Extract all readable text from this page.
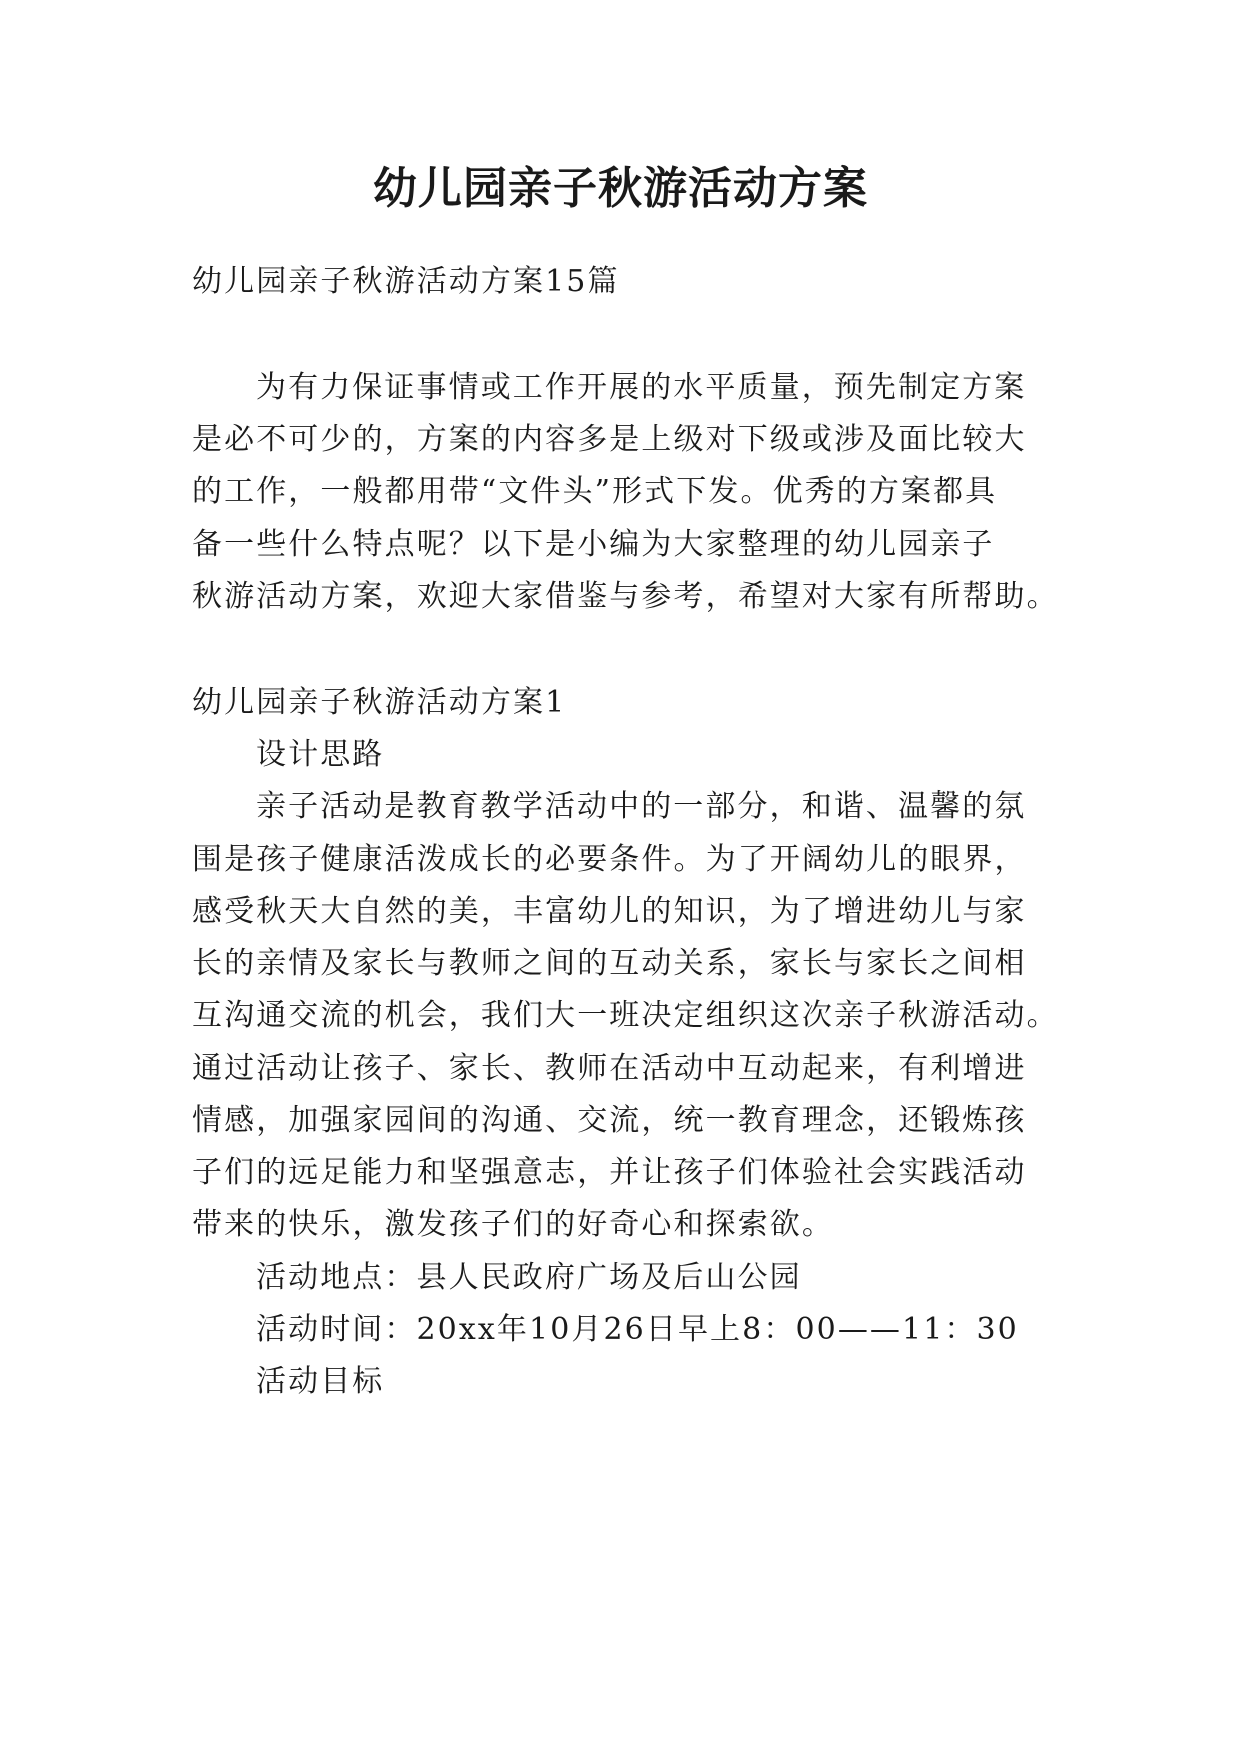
幼儿园亲子秋游活动方案
幼儿园亲子秋游活动方案15篇
为有力保证事情或工作开展的水平质量，预先制定方案
是必不可少的，方案的内容多是上级对下级或涉及面比较大
的工作，一般都用带“文件头”形式下发。优秀的方案都具
备一些什么特点呢？以下是小编为大家整理的幼儿园亲子
秋游活动方案，欢迎大家借鉴与参考，希望对大家有所帮助。
幼儿园亲子秋游活动方案1
设计思路
亲子活动是教育教学活动中的一部分，和谐、温馨的氛
围是孩子健康活泼成长的必要条件。为了开阔幼儿的眼界，
感受秋天大自然的美，丰富幼儿的知识，为了增进幼儿与家
长的亲情及家长与教师之间的互动关系，家长与家长之间相
互沟通交流的机会，我们大一班决定组织这次亲子秋游活动。
通过活动让孩子、家长、教师在活动中互动起来，有利增进
情感，加强家园间的沟通、交流，统一教育理念，还锻炼孩
子们的远足能力和坚强意志，并让孩子们体验社会实践活动
带来的快乐，激发孩子们的好奇心和探索欲。
活动地点：县人民政府广场及后山公园
活动时间：20xx年10月26日早上8：00——11：30
活动目标
